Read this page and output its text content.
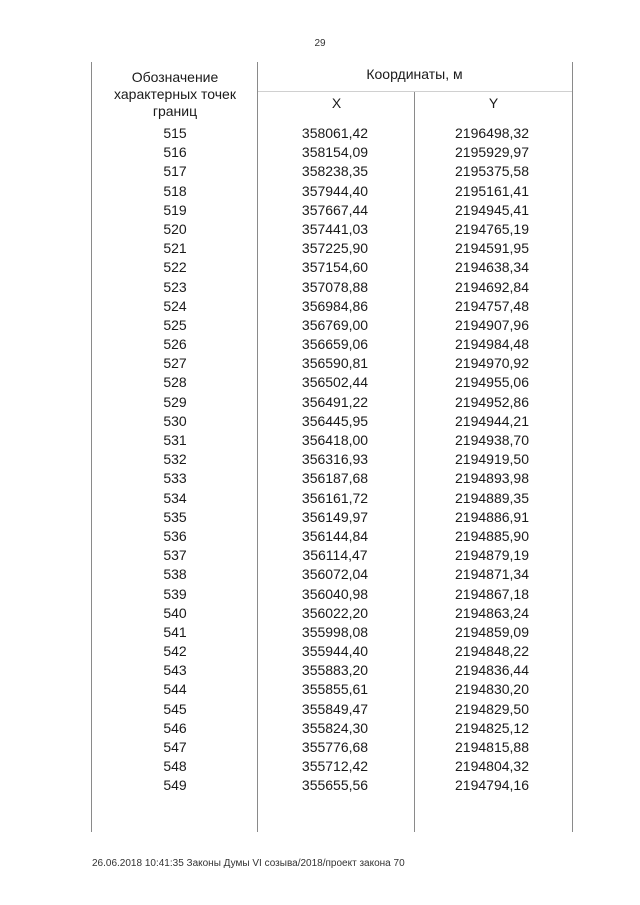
29
Обозначение характерных точек границ
Координаты, м
X	Y
515	358061,42	2196498,32
516	358154,09	2195929,97
517	358238,35	2195375,58
518	357944,40	2195161,41
519	357667,44	2194945,41
520	357441,03	2194765,19
521	357225,90	2194591,95
522	357154,60	2194638,34
523	357078,88	2194692,84
524	356984,86	2194757,48
525	356769,00	2194907,96
526	356659,06	2194984,48
527	356590,81	2194970,92
528	356502,44	2194955,06
529	356491,22	2194952,86
530	356445,95	2194944,21
531	356418,00	2194938,70
532	356316,93	2194919,50
533	356187,68	2194893,98
534	356161,72	2194889,35
535	356149,97	2194886,91
536	356144,84	2194885,90
537	356114,47	2194879,19
538	356072,04	2194871,34
539	356040,98	2194867,18
540	356022,20	2194863,24
541	355998,08	2194859,09
542	355944,40	2194848,22
543	355883,20	2194836,44
544	355855,61	2194830,20
545	355849,47	2194829,50
546	355824,30	2194825,12
547	355776,68	2194815,88
548	355712,42	2194804,32
549	355655,56	2194794,16
26.06.2018 10:41:35 Законы Думы VI созыва/2018/проект закона 70
